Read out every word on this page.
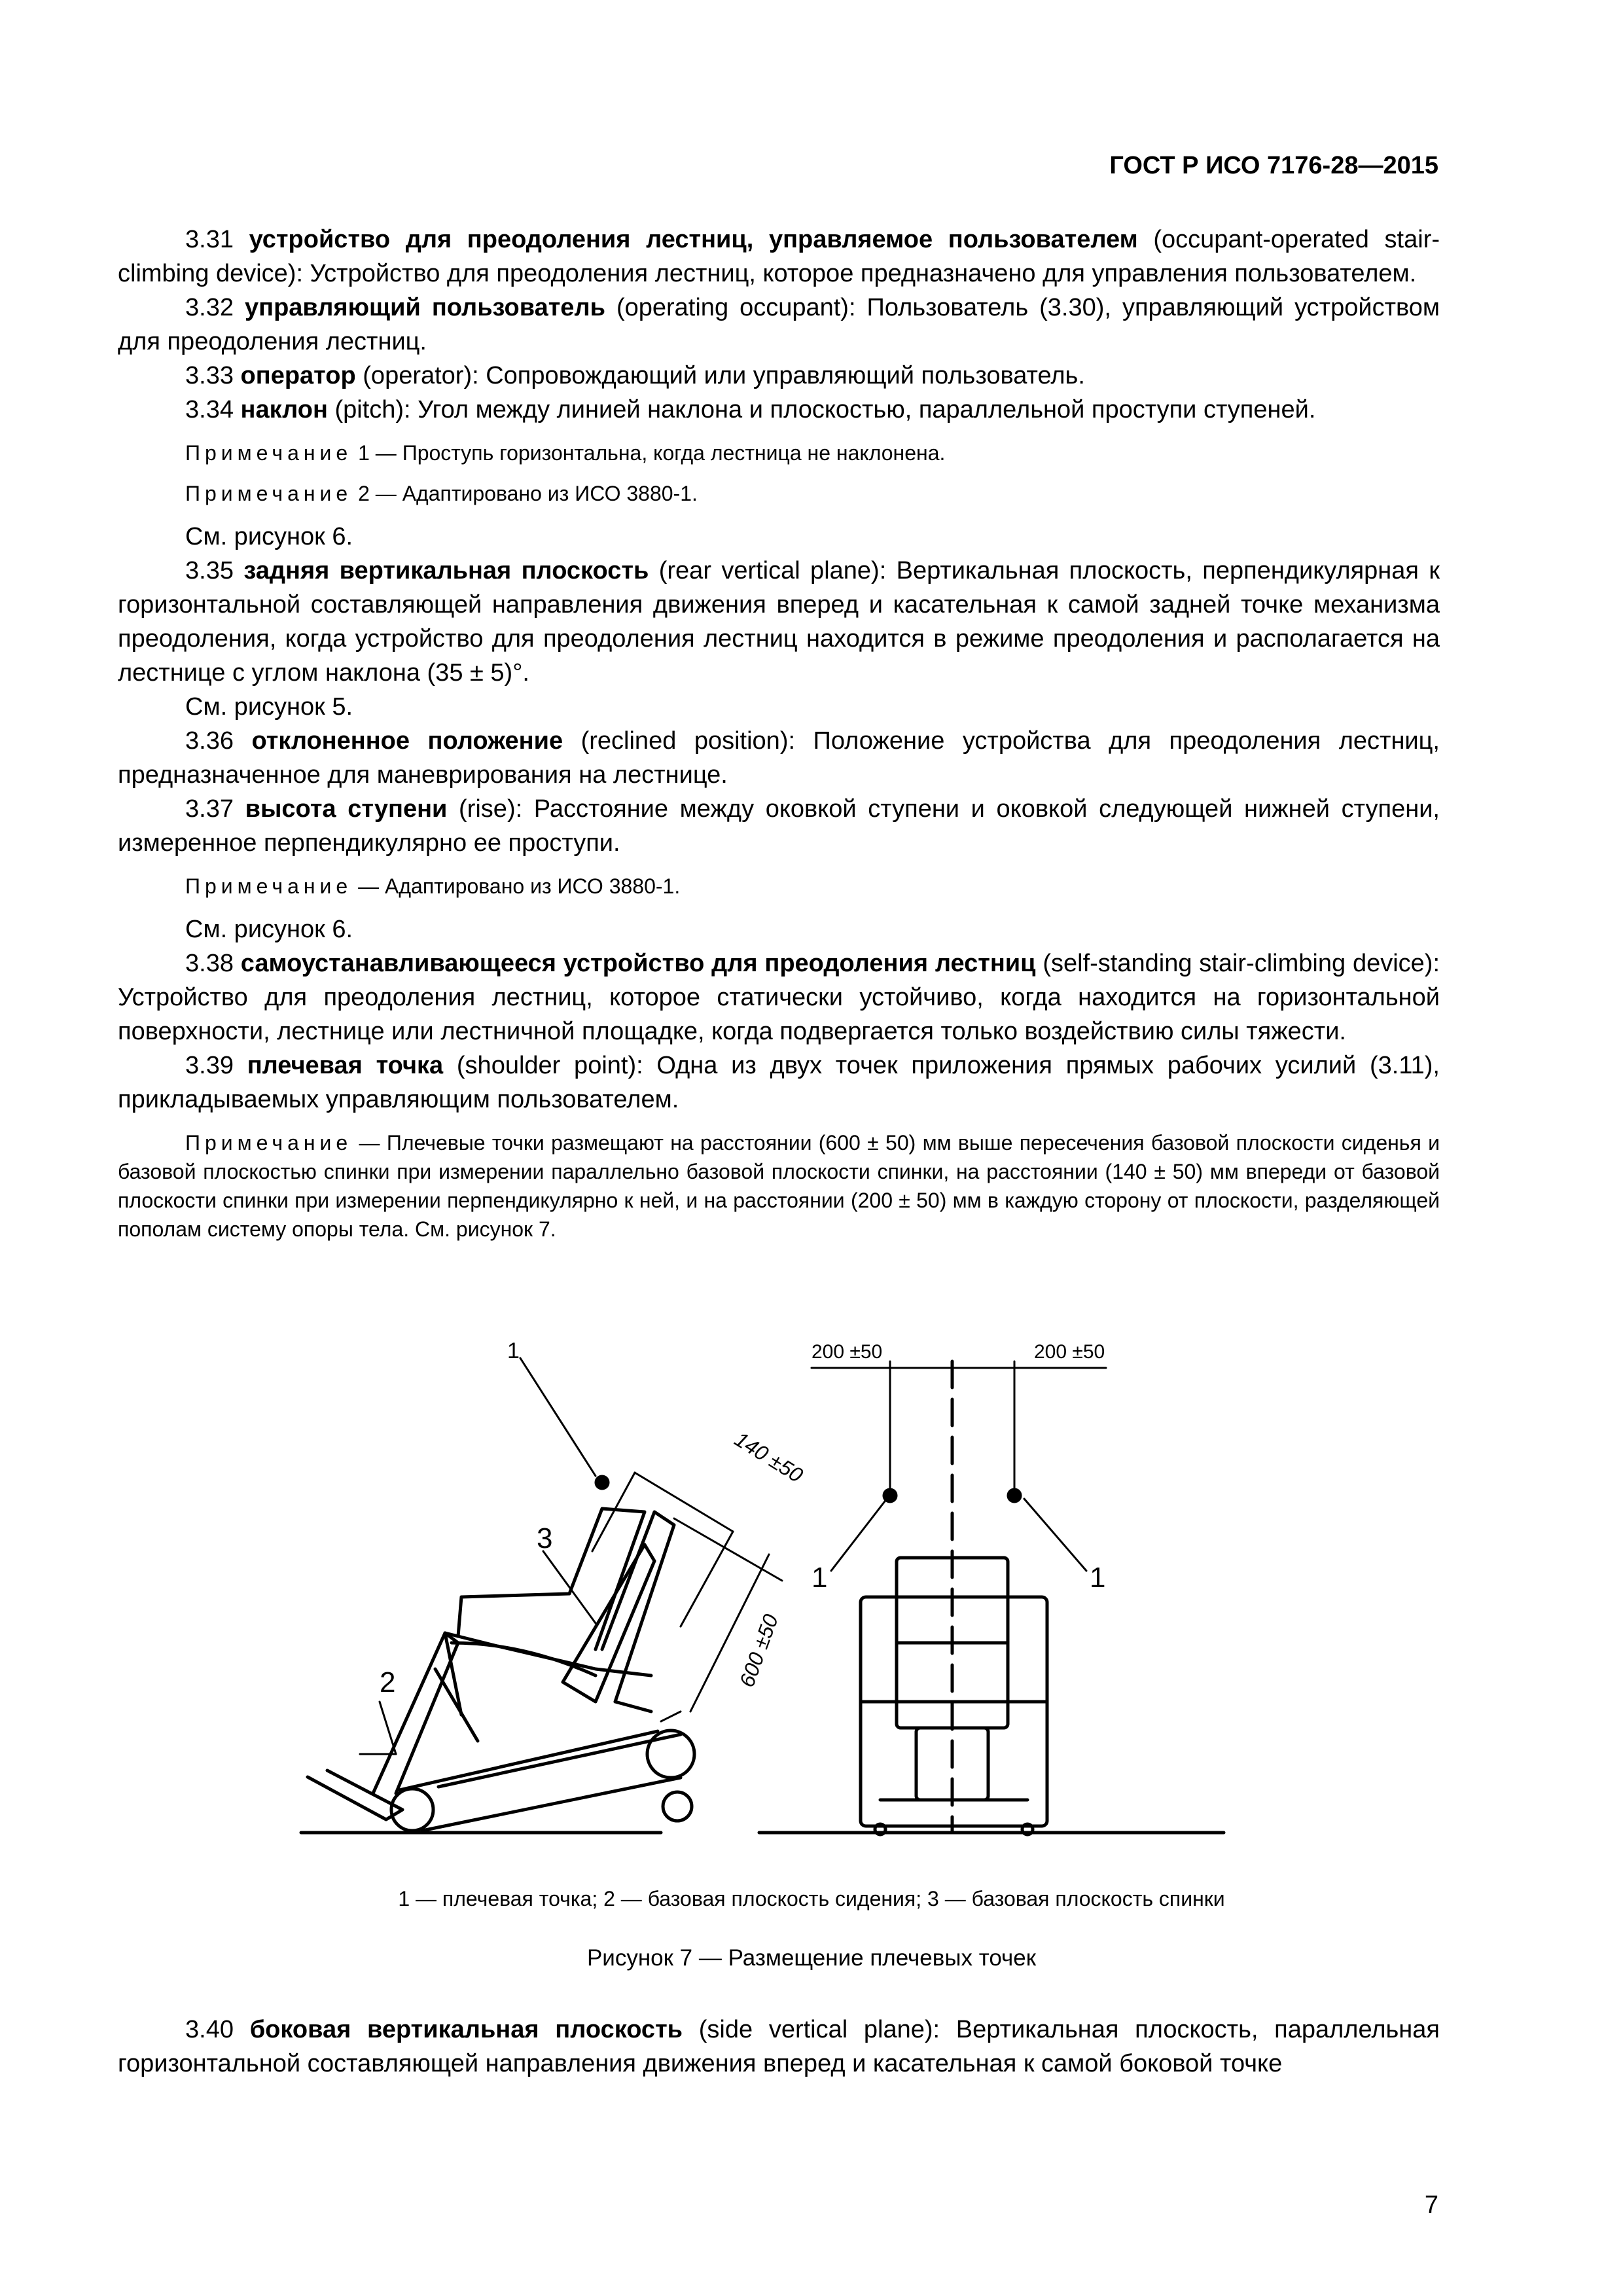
ГОСТ Р ИСО 7176-28—2015

3.31 устройство для преодоления лестниц, управляемое пользователем (occupant-operated stair-climbing device): Устройство для преодоления лестниц, которое предназначено для управления пользователем.

3.32 управляющий пользователь (operating occupant): Пользователь (3.30), управляющий устройством для преодоления лестниц.

3.33 оператор (operator): Сопровождающий или управляющий пользователь.

3.34 наклон (pitch): Угол между линией наклона и плоскостью, параллельной проступи ступеней.

Примечание 1 — Проступь горизонтальна, когда лестница не наклонена.

Примечание 2 — Адаптировано из ИСО 3880-1.

См. рисунок 6.

3.35 задняя вертикальная плоскость (rear vertical plane): Вертикальная плоскость, перпендикулярная к горизонтальной составляющей направления движения вперед и касательная к самой задней точке механизма преодоления, когда устройство для преодоления лестниц находится в режиме преодоления и располагается на лестнице с углом наклона (35 ± 5)°.

См. рисунок 5.

3.36 отклоненное положение (reclined position): Положение устройства для преодоления лестниц, предназначенное для маневрирования на лестнице.

3.37 высота ступени (rise): Расстояние между оковкой ступени и оковкой следующей нижней ступени, измеренное перпендикулярно ее проступи.

Примечание — Адаптировано из ИСО 3880-1.

См. рисунок 6.

3.38 самоустанавливающееся устройство для преодоления лестниц (self-standing stair-climbing device): Устройство для преодоления лестниц, которое статически устойчиво, когда находится на горизонтальной поверхности, лестнице или лестничной площадке, когда подвергается только воздействию силы тяжести.

3.39 плечевая точка (shoulder point): Одна из двух точек приложения прямых рабочих усилий (3.11), прикладываемых управляющим пользователем.

Примечание — Плечевые точки размещают на расстоянии (600 ± 50) мм выше пересечения базовой плоскости сиденья и базовой плоскостью спинки при измерении параллельно базовой плоскости спинки, на расстоянии (140 ± 50) мм впереди от базовой плоскости спинки при измерении перпендикулярно к ней, и на расстоянии (200 ± 50) мм в каждую сторону от плоскости, разделяющей пополам систему опоры тела. См. рисунок 7.

1
2
3
140 ±50
600 ±50
200 ±50	200 ±50
1	1
1 — плечевая точка; 2 — базовая плоскость сидения; 3 — базовая плоскость спинки
Рисунок 7 — Размещение плечевых точек

3.40 боковая вертикальная плоскость (side vertical plane): Вертикальная плоскость, параллельная горизонтальной составляющей направления движения вперед и касательная к самой боковой точке

7
